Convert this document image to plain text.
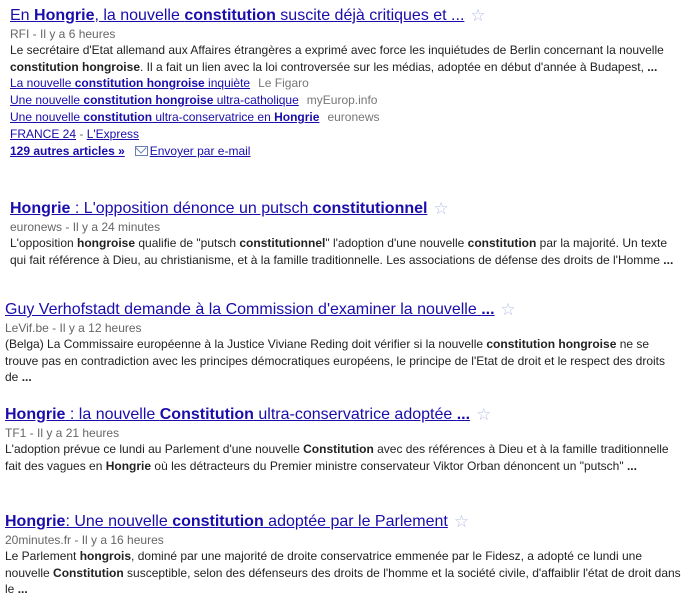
En Hongrie, la nouvelle constitution suscite déjà critiques et ... ☆
RFI - Il y a 6 heures
Le secrétaire d'Etat allemand aux Affaires étrangères a exprimé avec force les inquiétudes de Berlin concernant la nouvelle constitution hongroise. Il a fait un lien avec la loi controversée sur les médias, adoptée en début d'année à Budapest, ...
La nouvelle constitution hongroise inquiète Le Figaro
Une nouvelle constitution hongroise ultra-catholique myEurop.info
Une nouvelle constitution ultra-conservatrice en Hongrie euronews
FRANCE 24 - L'Express
129 autres articles » Envoyer par e-mail
Hongrie : L'opposition dénonce un putsch constitutionnel ☆
euronews - Il y a 24 minutes
L'opposition hongroise qualifie de "putsch constitutionnel" l'adoption d'une nouvelle constitution par la majorité. Un texte qui fait référence à Dieu, au christianisme, et à la famille traditionnelle. Les associations de défense des droits de l'Homme ...
Guy Verhofstadt demande à la Commission d'examiner la nouvelle ... ☆
LeVif.be - Il y a 12 heures
(Belga) La Commissaire européenne à la Justice Viviane Reding doit vérifier si la nouvelle constitution hongroise ne se trouve pas en contradiction avec les principes démocratiques européens, le principe de l'Etat de droit et le respect des droits de ...
Hongrie : la nouvelle Constitution ultra-conservatrice adoptée ... ☆
TF1 - Il y a 21 heures
L'adoption prévue ce lundi au Parlement d'une nouvelle Constitution avec des références à Dieu et à la famille traditionnelle fait des vagues en Hongrie où les détracteurs du Premier ministre conservateur Viktor Orban dénoncent un "putsch" ...
Hongrie: Une nouvelle constitution adoptée par le Parlement ☆
20minutes.fr - Il y a 16 heures
Le Parlement hongrois, dominé par une majorité de droite conservatrice emmenée par le Fidesz, a adopté ce lundi une nouvelle Constitution susceptible, selon des défenseurs des droits de l'homme et la société civile, d'affaiblir l'état de droit dans le ...
